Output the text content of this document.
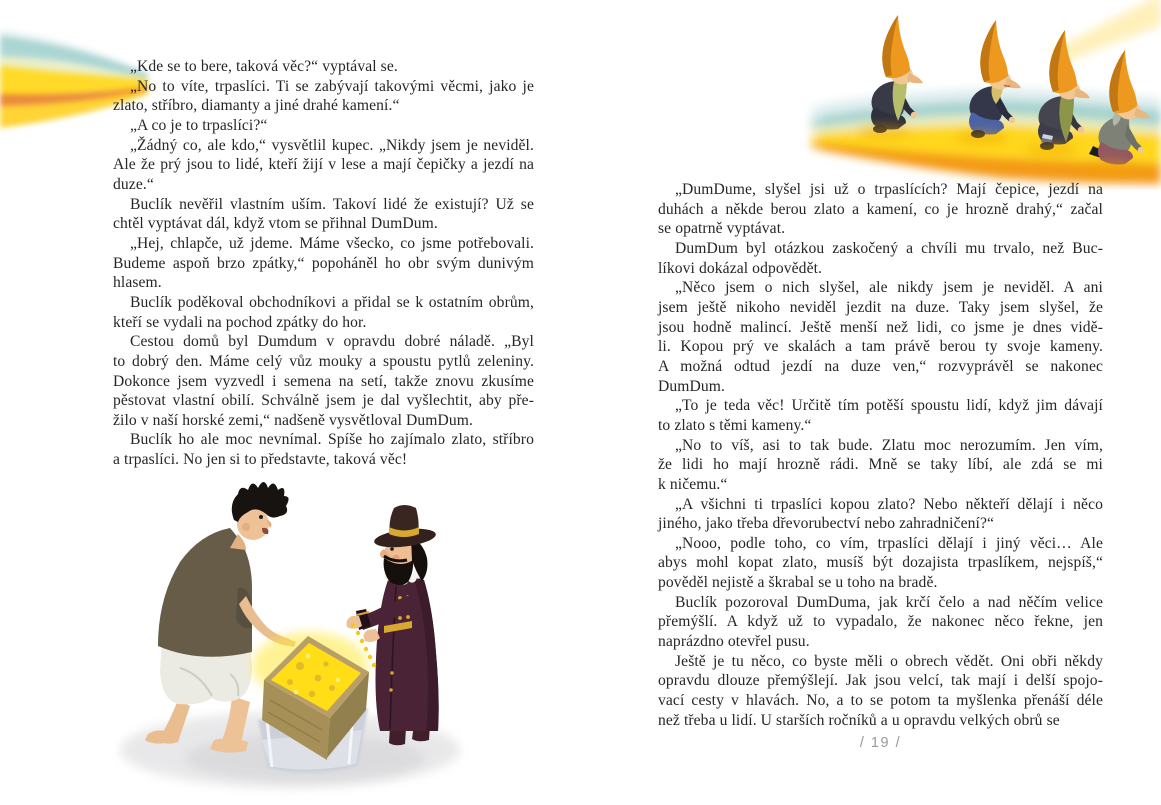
„Kde se to bere, taková věc?“ vyptával se.
„No to víte, trpaslíci. Ti se zabývají takovými věcmi, jako je
zlato, stříbro, diamanty a jiné drahé kamení.“
„A co je to trpaslíci?“
„Žádný co, ale kdo,“ vysvětlil kupec. „Nikdy jsem je neviděl.
Ale že prý jsou to lidé, kteří žijí v lese a mají čepičky a jezdí na
duze.“
Buclík nevěřil vlastním uším. Takoví lidé že existují? Už se
chtěl vyptávat dál, když vtom se přihnal DumDum.
„Hej, chlapče, už jdeme. Máme všecko, co jsme potřebovali.
Budeme aspoň brzo zpátky,“ popoháněl ho obr svým dunivým
hlasem.
Buclík poděkoval obchodníkovi a přidal se k ostatním obrům,
kteří se vydali na pochod zpátky do hor.
Cestou domů byl Dumdum v opravdu dobré náladě. „Byl
to dobrý den. Máme celý vůz mouky a spoustu pytlů zeleniny.
Dokonce jsem vyzvedl i semena na setí, takže znovu zkusíme
pěstovat vlastní obilí. Schválně jsem je dal vyšlechtit, aby pře-
žilo v naší horské zemi,“ nadšeně vysvětloval DumDum.
Buclík ho ale moc nevnímal. Spíše ho zajímalo zlato, stříbro
a trpaslíci. No jen si to představte, taková věc!
„DumDume, slyšel jsi už o trpaslících? Mají čepice, jezdí na
duhách a někde berou zlato a kamení, co je hrozně drahý,“ začal
se opatrně vyptávat.
DumDum byl otázkou zaskočený a chvíli mu trvalo, než Buc-
líkovi dokázal odpovědět.
„Něco jsem o nich slyšel, ale nikdy jsem je neviděl. A ani
jsem ještě nikoho neviděl jezdit na duze. Taky jsem slyšel, že
jsou hodně malincí. Ještě menší než lidi, co jsme je dnes vidě-
li. Kopou prý ve skalách a tam právě berou ty svoje kameny.
A možná odtud jezdí na duze ven,“ rozvyprávěl se nakonec
DumDum.
„To je teda věc! Určitě tím potěší spoustu lidí, když jim dávají
to zlato s těmi kameny.“
„No to víš, asi to tak bude. Zlatu moc nerozumím. Jen vím,
že lidi ho mají hrozně rádi. Mně se taky líbí, ale zdá se mi
k ničemu.“
„A všichni ti trpaslíci kopou zlato? Nebo někteří dělají i něco
jiného, jako třeba dřevorubectví nebo zahradničení?“
„Nooo, podle toho, co vím, trpaslíci dělají i jiný věci… Ale
abys mohl kopat zlato, musíš být dozajista trpaslíkem, nejspíš,“
pověděl nejistě a škrabal se u toho na bradě.
Buclík pozoroval DumDuma, jak krčí čelo a nad něčím velice
přemýšlí. A když už to vypadalo, že nakonec něco řekne, jen
naprázdno otevřel pusu.
Ještě je tu něco, co byste měli o obrech vědět. Oni obři někdy
opravdu dlouze přemýšlejí. Jak jsou velcí, tak mají i delší spojo-
vací cesty v hlavách. No, a to se potom ta myšlenka přenáší déle
než třeba u lidí. U starších ročníků a u opravdu velkých obrů se
/ 19 /
